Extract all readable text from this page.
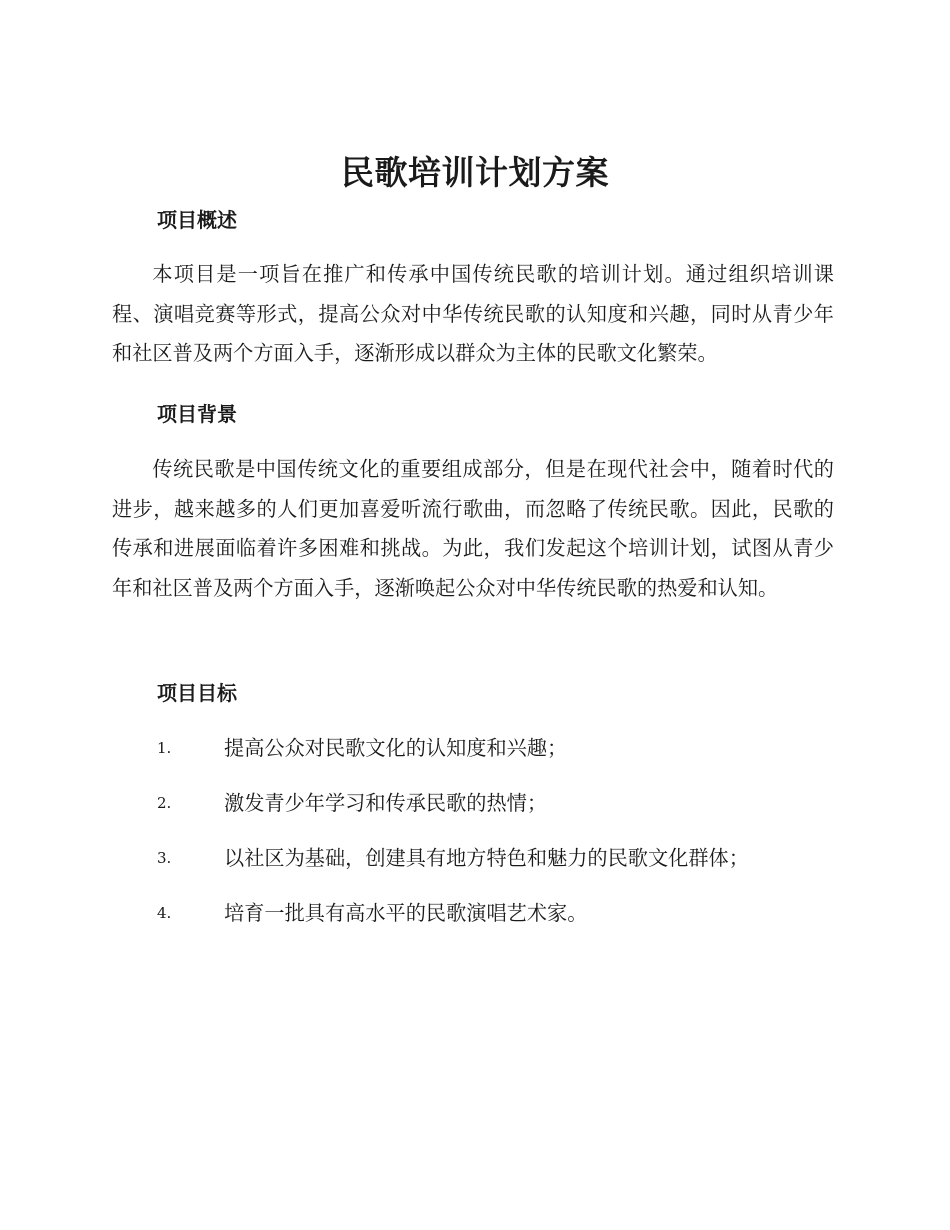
民歌培训计划方案
项目概述

本项目是一项旨在推广和传承中国传统民歌的培训计划。通过组织培训课程、演唱竞赛等形式，提高公众对中华传统民歌的认知度和兴趣，同时从青少年和社区普及两个方面入手，逐渐形成以群众为主体的民歌文化繁荣。

项目背景

传统民歌是中国传统文化的重要组成部分，但是在现代社会中，随着时代的进步，越来越多的人们更加喜爱听流行歌曲，而忽略了传统民歌。因此，民歌的传承和进展面临着许多困难和挑战。为此，我们发起这个培训计划，试图从青少年和社区普及两个方面入手，逐渐唤起公众对中华传统民歌的热爱和认知。

项目目标
1.	提高公众对民歌文化的认知度和兴趣；
2.	激发青少年学习和传承民歌的热情；
3.	以社区为基础，创建具有地方特色和魅力的民歌文化群体；
4.	培育一批具有高水平的民歌演唱艺术家。
